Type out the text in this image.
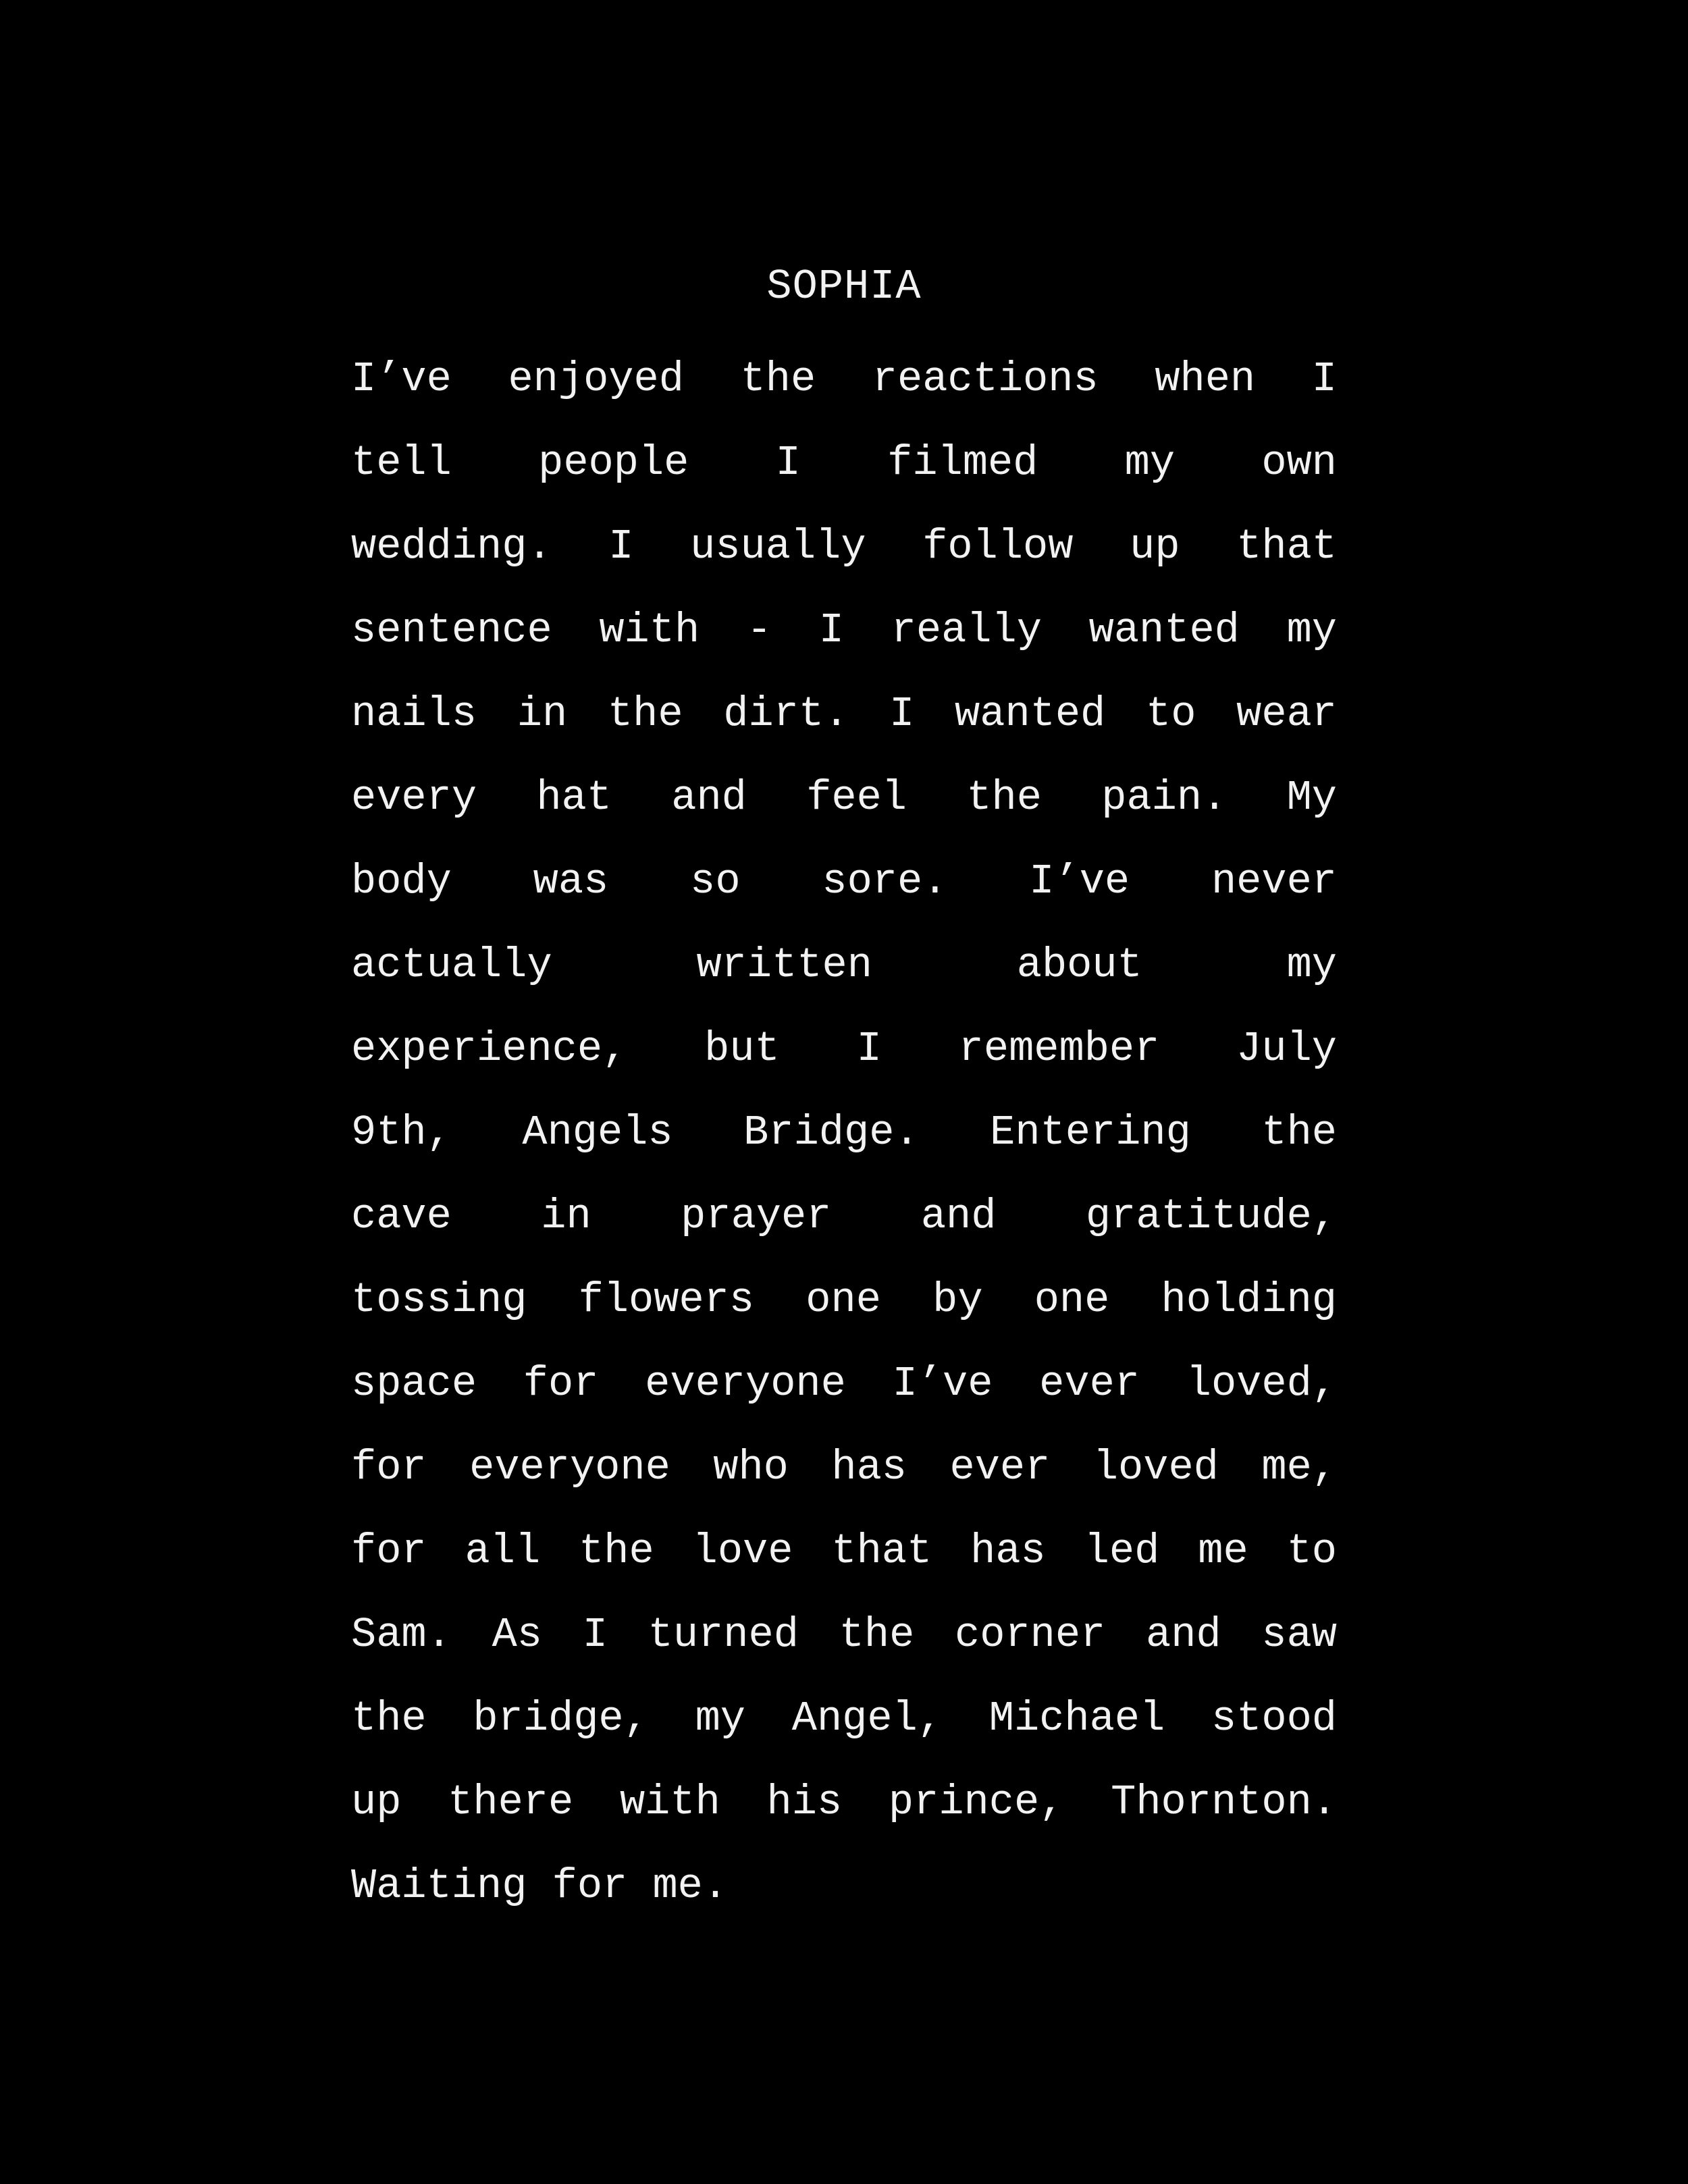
SOPHIA
I’ve enjoyed the reactions when I
tell people I filmed my own
wedding. I usually follow up that
sentence with - I really wanted my
nails in the dirt. I wanted to wear
every hat and feel the pain. My
body was so sore. I’ve never
actually written about my
experience, but I remember July
9th, Angels Bridge. Entering the
cave in prayer and gratitude,
tossing flowers one by one holding
space for everyone I’ve ever loved,
for everyone who has ever loved me,
for all the love that has led me to
Sam. As I turned the corner and saw
the bridge, my Angel, Michael stood
up there with his prince, Thornton.
Waiting for me.
